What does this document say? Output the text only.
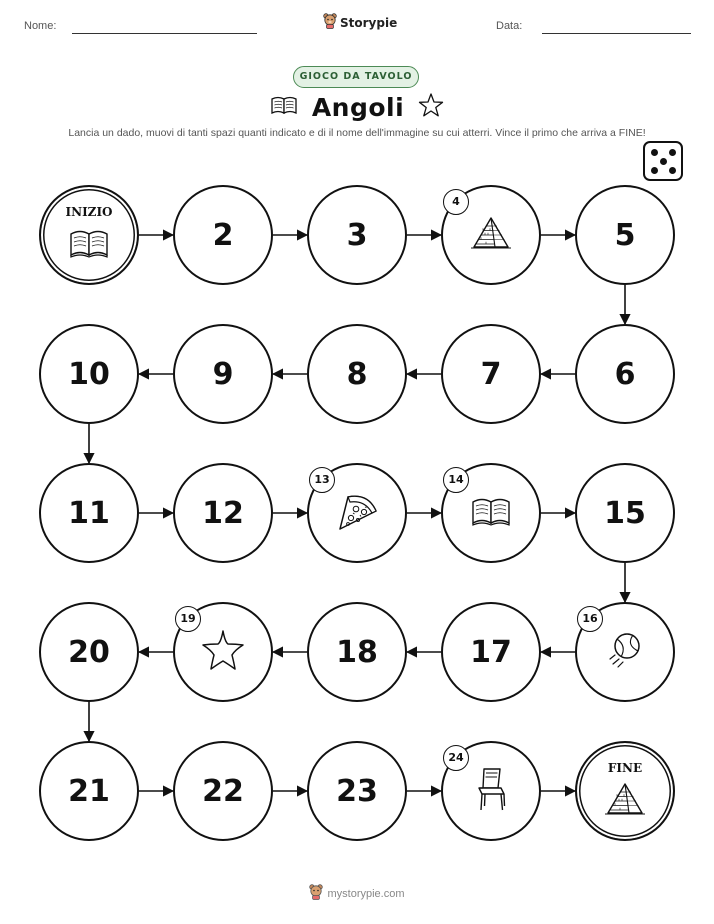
Nome:	Storypie	Data:
GIOCO DA TAVOLO
Angoli
Lancia un dado, muovi di tanti spazi quanti indicato e di il nome dell'immagine su cui atterri. Vince il primo che arriva a FINE!
INIZIO
2	3
4
5
6
7
8
9
10
11	12
13	14
15
16
17
18
19
20
21	22	23
24
FINE
mystorypie.com
